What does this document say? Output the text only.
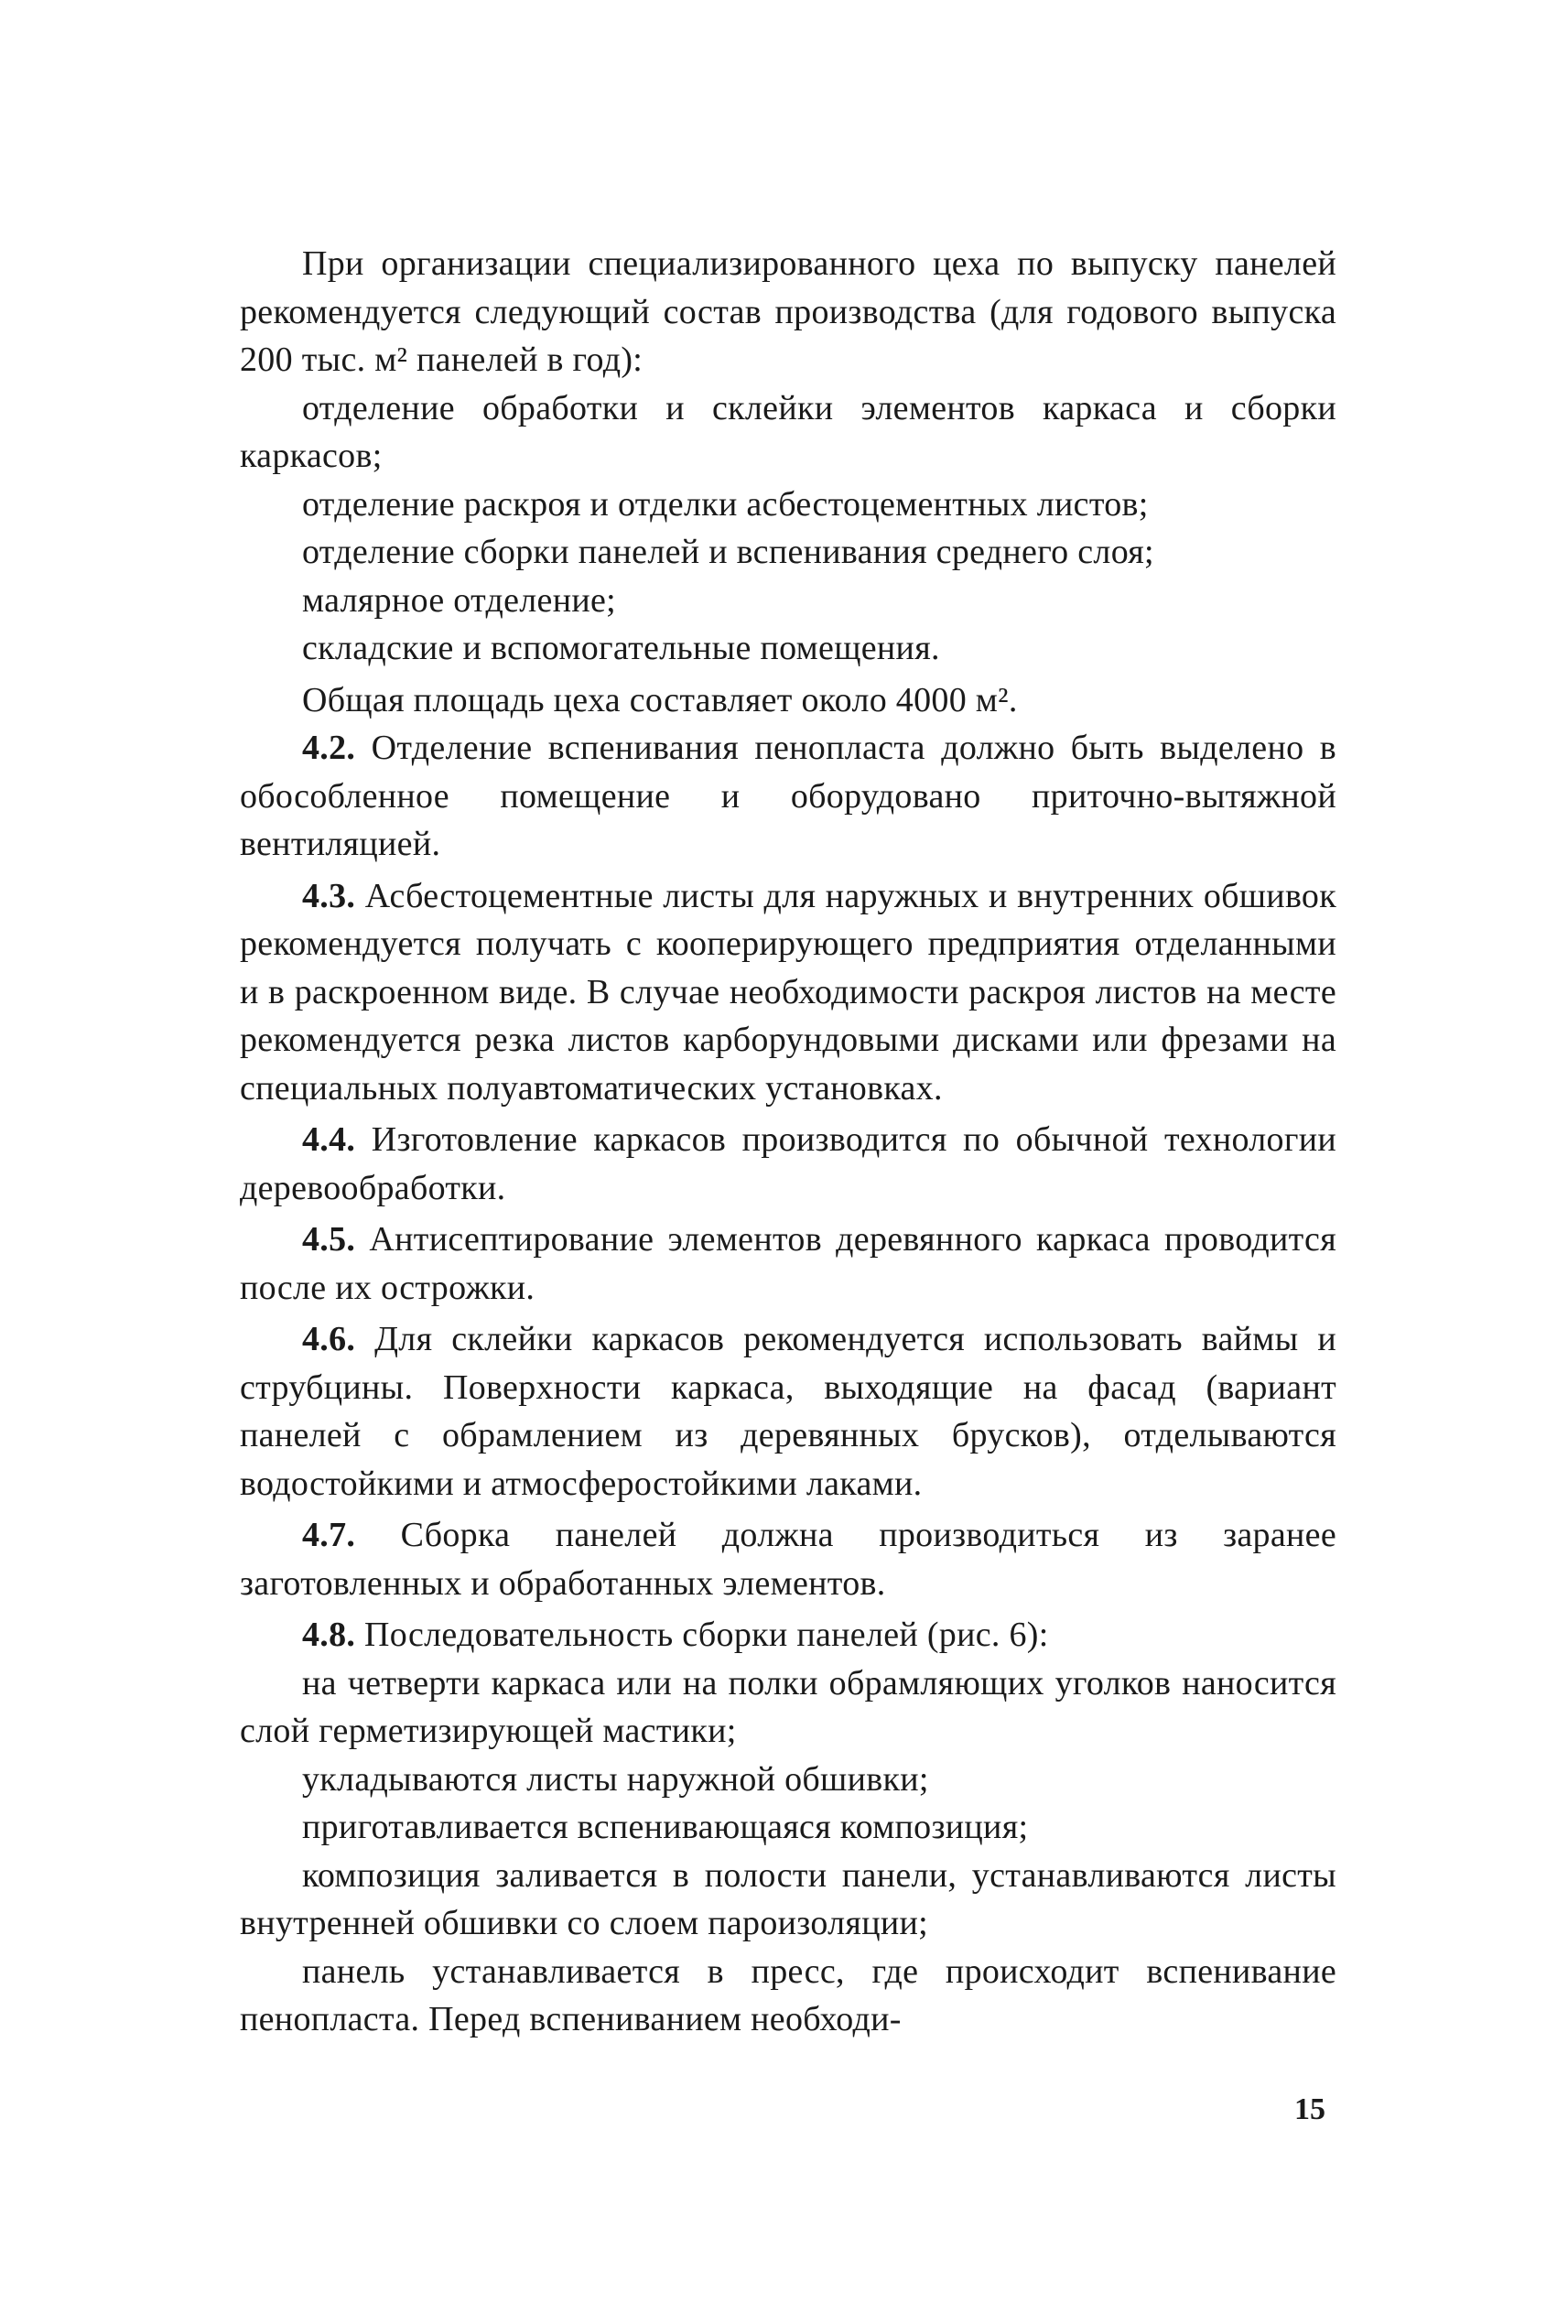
При организации специализированного цеха по выпуску панелей рекомендуется следующий состав производства (для годового выпуска 200 тыс. м² панелей в год):

отделение обработки и склейки элементов каркаса и сборки каркасов;

отделение раскроя и отделки асбестоцементных листов;

отделение сборки панелей и вспенивания среднего слоя;

малярное отделение;

складские и вспомогательные помещения.

Общая площадь цеха составляет около 4000 м².

4.2. Отделение вспенивания пенопласта должно быть выделено в обособленное помещение и оборудовано приточно-вытяжной вентиляцией.

4.3. Асбестоцементные листы для наружных и внутренних обшивок рекомендуется получать с кооперирующего предприятия отделанными и в раскроенном виде. В случае необходимости раскроя листов на месте рекомендуется резка листов карборундовыми дисками или фрезами на специальных полуавтоматических установках.

4.4. Изготовление каркасов производится по обычной технологии деревообработки.

4.5. Антисептирование элементов деревянного каркаса проводится после их острожки.

4.6. Для склейки каркасов рекомендуется использовать ваймы и струбцины. Поверхности каркаса, выходящие на фасад (вариант панелей с обрамлением из деревянных брусков), отделываются водостойкими и атмосферостойкими лаками.

4.7. Сборка панелей должна производиться из заранее заготовленных и обработанных элементов.

4.8. Последовательность сборки панелей (рис. 6):

на четверти каркаса или на полки обрамляющих уголков наносится слой герметизирующей мастики;

укладываются листы наружной обшивки;

приготавливается вспенивающаяся композиция;

композиция заливается в полости панели, устанавливаются листы внутренней обшивки со слоем пароизоляции;

панель устанавливается в пресс, где происходит вспенивание пенопласта. Перед вспениванием необходи-

15
